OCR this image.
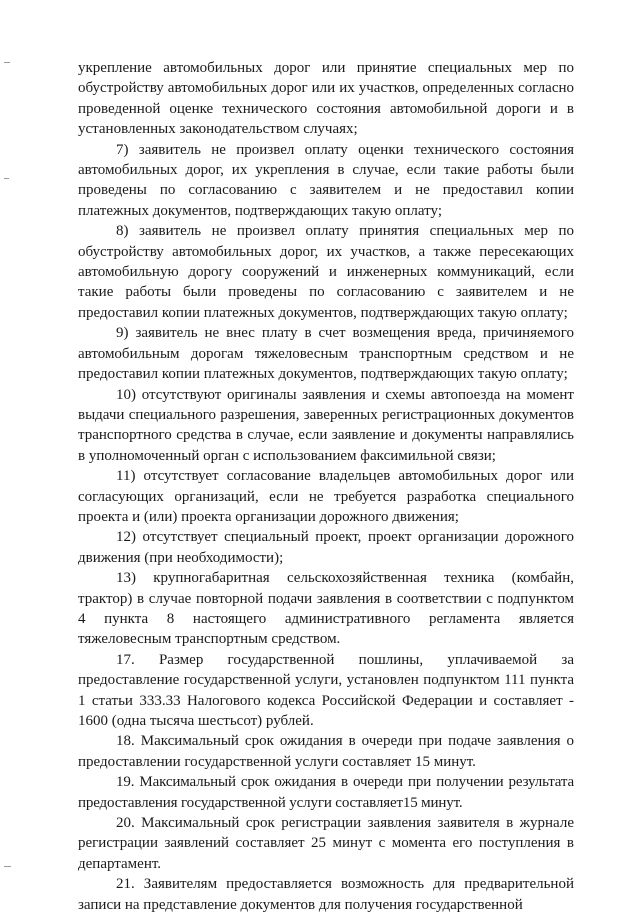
укрепление автомобильных дорог или принятие специальных мер по обустройству автомобильных дорог или их участков, определенных согласно проведенной оценке технического состояния автомобильной дороги и в установленных законодательством случаях;

7) заявитель не произвел оплату оценки технического состояния автомобильных дорог, их укрепления в случае, если такие работы были проведены по согласованию с заявителем и не предоставил копии платежных документов, подтверждающих такую оплату;

8) заявитель не произвел оплату принятия специальных мер по обустройству автомобильных дорог, их участков, а также пересекающих автомобильную дорогу сооружений и инженерных коммуникаций, если такие работы были проведены по согласованию с заявителем и не предоставил копии платежных документов, подтверждающих такую оплату;

9) заявитель не внес плату в счет возмещения вреда, причиняемого автомобильным дорогам тяжеловесным транспортным средством и не предоставил копии платежных документов, подтверждающих такую оплату;

10) отсутствуют оригиналы заявления и схемы автопоезда на момент выдачи специального разрешения, заверенных регистрационных документов транспортного средства в случае, если заявление и документы направлялись в уполномоченный орган с использованием факсимильной связи;

11) отсутствует согласование владельцев автомобильных дорог или согласующих организаций, если не требуется разработка специального проекта и (или) проекта организации дорожного движения;

12) отсутствует специальный проект, проект организации дорожного движения (при необходимости);

13) крупногабаритная сельскохозяйственная техника (комбайн, трактор) в случае повторной подачи заявления в соответствии с подпунктом 4 пункта 8 настоящего административного регламента является тяжеловесным транспортным средством.

17. Размер государственной пошлины, уплачиваемой за предоставление государственной услуги, установлен подпунктом 111 пункта 1 статьи 333.33 Налогового кодекса Российской Федерации и составляет - 1600 (одна тысяча шестьсот) рублей.

18. Максимальный срок ожидания в очереди при подаче заявления о предоставлении государственной услуги составляет 15 минут.

19. Максимальный срок ожидания в очереди при получении результата предоставления государственной услуги составляет15 минут.

20. Максимальный срок регистрации заявления заявителя в журнале регистрации заявлений составляет 25 минут с момента его поступления в департамент.

21. Заявителям предоставляется возможность для предварительной записи на представление документов для получения государственной
